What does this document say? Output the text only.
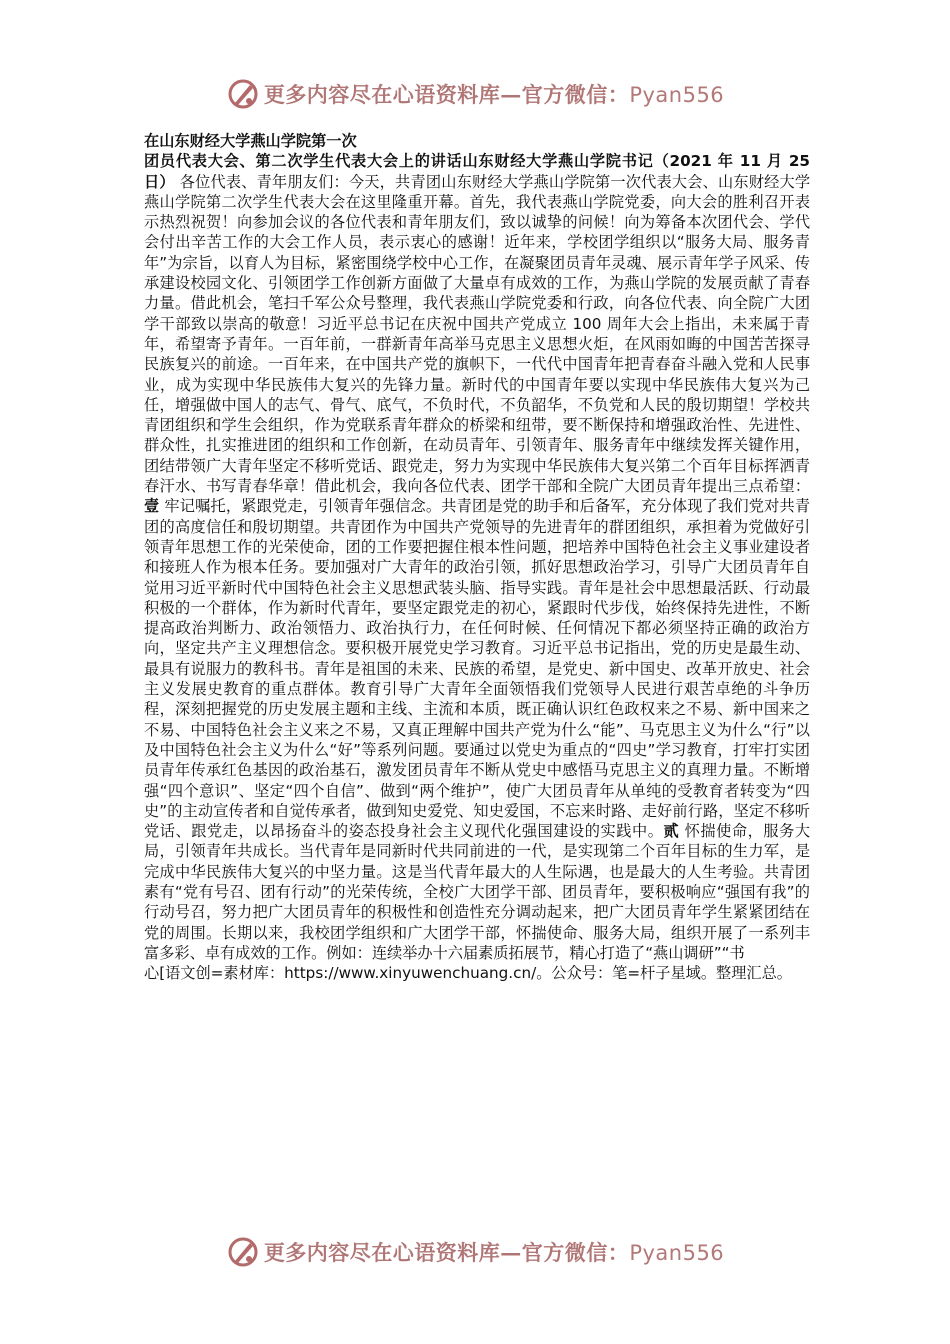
更多内容尽在心语资料库—官方微信：Pyan556
在山东财经大学燕山学院第一次

团员代表大会、第二次学生代表大会上的讲话山东财经大学燕山学院书记（2021 年 11 月 25 日） 各位代表、青年朋友们：今天，共青团山东财经大学燕山学院第一次代表大会、山东财经大学燕山学院第二次学生代表大会在这里隆重开幕。首先，我代表燕山学院党委，向大会的胜利召开表示热烈祝贺！向参加会议的各位代表和青年朋友们，致以诚挚的问候！向为筹备本次团代会、学代会付出辛苦工作的大会工作人员，表示衷心的感谢！近年来，学校团学组织以“服务大局、服务青年”为宗旨，以育人为目标，紧密围绕学校中心工作，在凝聚团员青年灵魂、展示青年学子风采、传承建设校园文化、引领团学工作创新方面做了大量卓有成效的工作，为燕山学院的发展贡献了青春力量。借此机会，笔扫千军公众号整理，我代表燕山学院党委和行政，向各位代表、向全院广大团学干部致以崇高的敬意！习近平总书记在庆祝中国共产党成立 100 周年大会上指出，未来属于青年，希望寄予青年。一百年前，一群新青年高举马克思主义思想火炬，在风雨如晦的中国苦苦探寻民族复兴的前途。一百年来，在中国共产党的旗帜下，一代代中国青年把青春奋斗融入党和人民事业，成为实现中华民族伟大复兴的先锋力量。新时代的中国青年要以实现中华民族伟大复兴为己任，增强做中国人的志气、骨气、底气，不负时代，不负韶华，不负党和人民的殷切期望！学校共青团组织和学生会组织，作为党联系青年群众的桥梁和纽带，要不断保持和增强政治性、先进性、群众性，扎实推进团的组织和工作创新，在动员青年、引领青年、服务青年中继续发挥关键作用，团结带领广大青年坚定不移听党话、跟党走，努力为实现中华民族伟大复兴第二个百年目标挥洒青春汗水、书写青春华章！借此机会，我向各位代表、团学干部和全院广大团员青年提出三点希望：壹 牢记嘱托，紧跟党走，引领青年强信念。共青团是党的助手和后备军，充分体现了我们党对共青团的高度信任和殷切期望。共青团作为中国共产党领导的先进青年的群团组织，承担着为党做好引领青年思想工作的光荣使命，团的工作要把握住根本性问题，把培养中国特色社会主义事业建设者和接班人作为根本任务。要加强对广大青年的政治引领，抓好思想政治学习，引导广大团员青年自觉用习近平新时代中国特色社会主义思想武装头脑、指导实践。青年是社会中思想最活跃、行动最积极的一个群体，作为新时代青年，要坚定跟党走的初心，紧跟时代步伐，始终保持先进性，不断提高政治判断力、政治领悟力、政治执行力，在任何时候、任何情况下都必须坚持正确的政治方向，坚定共产主义理想信念。要积极开展党史学习教育。习近平总书记指出，党的历史是最生动、最具有说服力的教科书。青年是祖国的未来、民族的希望，是党史、新中国史、改革开放史、社会主义发展史教育的重点群体。教育引导广大青年全面领悟我们党领导人民进行艰苦卓绝的斗争历程，深刻把握党的历史发展主题和主线、主流和本质，既正确认识红色政权来之不易、新中国来之不易、中国特色社会主义来之不易，又真正理解中国共产党为什么“能”、马克思主义为什么“行”以及中国特色社会主义为什么“好”等系列问题。要通过以党史为重点的“四史”学习教育，打牢打实团员青年传承红色基因的政治基石，激发团员青年不断从党史中感悟马克思主义的真理力量。不断增强“四个意识”、坚定“四个自信”、做到“两个维护”，使广大团员青年从单纯的受教育者转变为“四史”的主动宣传者和自觉传承者，做到知史爱党、知史爱国，不忘来时路、走好前行路，坚定不移听党话、跟党走，以昂扬奋斗的姿态投身社会主义现代化强国建设的实践中。贰 怀揣使命，服务大局，引领青年共成长。当代青年是同新时代共同前进的一代，是实现第二个百年目标的生力军，是完成中华民族伟大复兴的中坚力量。这是当代青年最大的人生际遇，也是最大的人生考验。共青团素有“党有号召、团有行动”的光荣传统，全校广大团学干部、团员青年，要积极响应“强国有我”的行动号召，努力把广大团员青年的积极性和创造性充分调动起来，把广大团员青年学生紧紧团结在党的周围。长期以来，我校团学组织和广大团学干部，怀揣使命、服务大局，组织开展了一系列丰富多彩、卓有成效的工作。例如：连续举办十六届素质拓展节，精心打造了“燕山调研”“书

心[语文创=素材库：https://www.xinyuwenchuang.cn/。公众号：笔=杆子星域。整理汇总。

更多内容尽在心语资料库—官方微信：Pyan556
